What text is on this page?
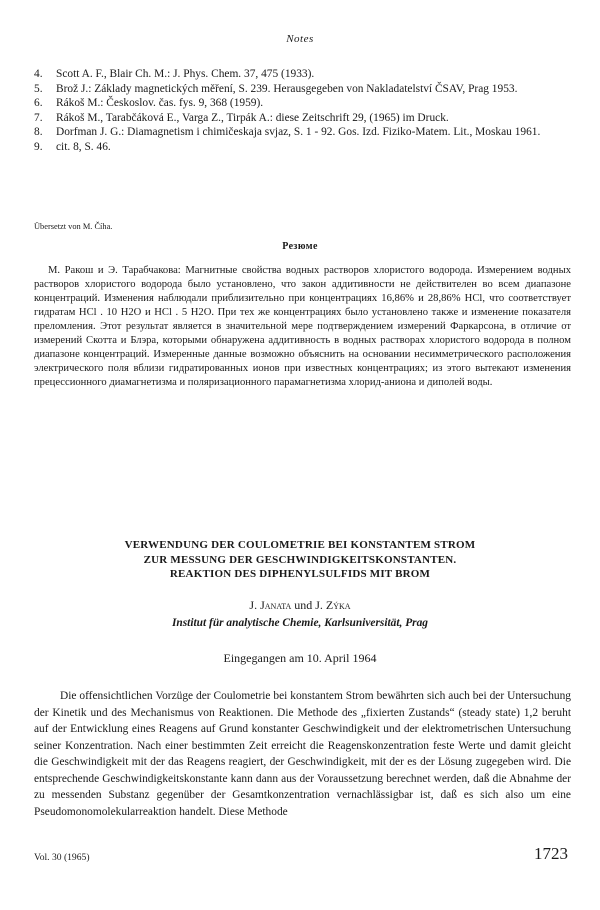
Notes
4.	Scott A. F., Blair Ch. M.: J. Phys. Chem. 37, 475 (1933).
5.	Brož J.: Základy magnetických měření, S. 239. Herausgegeben von Nakladatelství ČSAV, Prag 1953.
6.	Rákoš M.: Českoslov. čas. fys. 9, 368 (1959).
7.	Rákoš M., Tarabčáková E., Varga Z., Tirpák A.: diese Zeitschrift 29, (1965) im Druck.
8.	Dorfman J. G.: Diamagnetism i chimičeskaja svjaz, S. 1 - 92. Gos. Izd. Fiziko-Matem. Lit., Moskau 1961.
9.	cit. 8, S. 46.
Übersetzt von M. Číha.
Резюме

М. Ракош и Э. Тарабчакова: Магнитные свойства водных растворов хлористого водорода. Измерением водных растворов хлористого водорода было установлено, что закон аддитивности не действителен во всем диапазоне концентраций. Изменения наблюдали приблизительно при концентрациях 16,86% и 28,86% HCl, что соответствует гидратам HCl . 10 H2O и HCl . 5 H2O. При тех же концентрациях было установлено также и изменение показателя преломления. Этот результат является в значительной мере подтверждением измерений Фаркарсона, в отличие от измерений Скотта и Блэра, которыми обнаружена аддитивность в водных растворах хлористого водорода в полном диапазоне концентраций. Измеренные данные возможно объяснить на основании несимметрического расположения электрического поля вблизи гидратированных ионов при известных концентрациях; из этого вытекают изменения прецессионного диамагнетизма и поляризационного парамагнетизма хлорид-аниона и диполей воды.

VERWENDUNG DER COULOMETRIE BEI KONSTANTEM STROM
ZUR MESSUNG DER GESCHWINDIGKEITSKONSTANTEN.
REAKTION DES DIPHENYLSULFIDS MIT BROM
J. Janata und J. Zýka
Institut für analytische Chemie, Karlsuniversität, Prag
Eingegangen am 10. April 1964

Die offensichtlichen Vorzüge der Coulometrie bei konstantem Strom bewährten sich auch bei der Untersuchung der Kinetik und des Mechanismus von Reaktionen. Die Methode des „fixierten Zustands“ (steady state) 1,2 beruht auf der Entwicklung eines Reagens auf Grund konstanter Geschwindigkeit und der elektrometrischen Untersuchung seiner Konzentration. Nach einer bestimmten Zeit erreicht die Reagenskonzentration feste Werte und damit gleicht die Geschwindigkeit mit der das Reagens reagiert, der Geschwindigkeit, mit der es der Lösung zugegeben wird. Die entsprechende Geschwindigkeitskonstante kann dann aus der Voraussetzung berechnet werden, daß die Abnahme der zu messenden Substanz gegenüber der Gesamtkonzentration vernachlässigbar ist, daß es sich also um eine Pseudomonomolekularreaktion handelt. Diese Methode

Vol. 30 (1965)	1723
